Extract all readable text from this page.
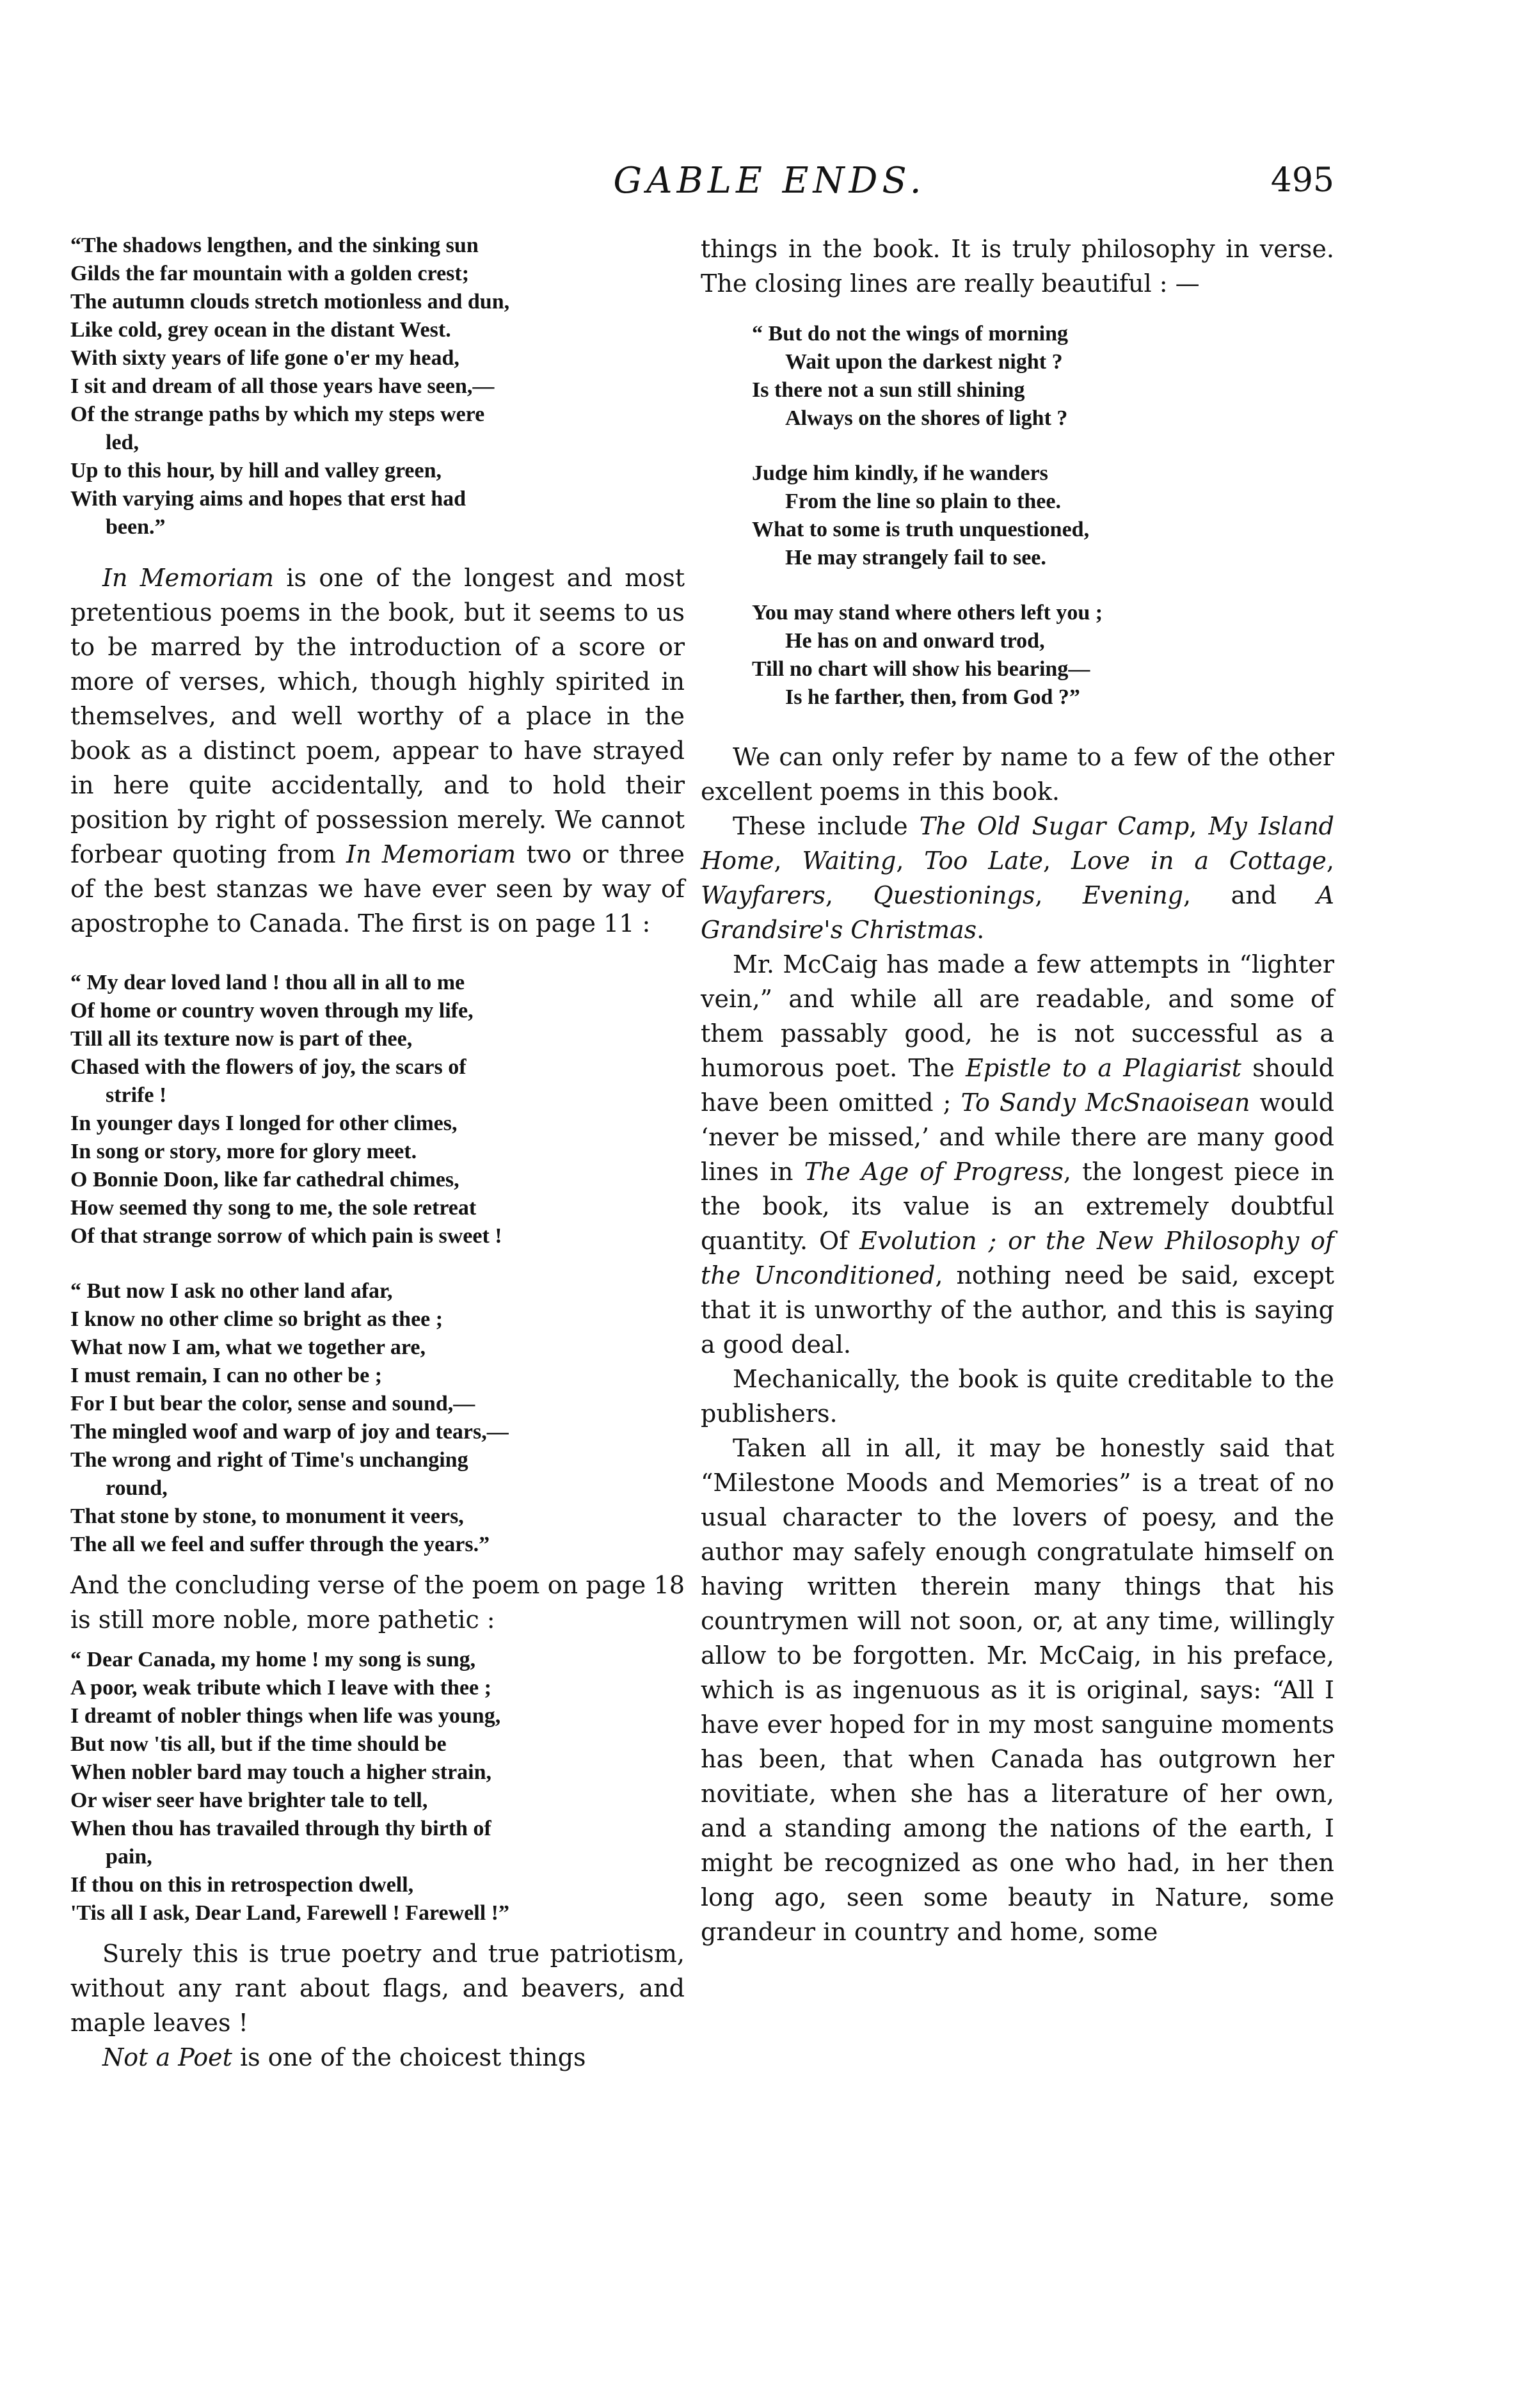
GABLE ENDS.	495
“The shadows lengthen, and the sinking sun
Gilds the far mountain with a golden crest;
The autumn clouds stretch motionless and dun,
Like cold, grey ocean in the distant West.
With sixty years of life gone o'er my head,
I sit and dream of all those years have seen,—
Of the strange paths by which my steps were
led,
Up to this hour, by hill and valley green,
With varying aims and hopes that erst had
been.”

In Memoriam is one of the longest and most pretentious poems in the book, but it seems to us to be marred by the introduction of a score or more of verses, which, though highly spirited in themselves, and well worthy of a place in the book as a distinct poem, appear to have strayed in here quite accidentally, and to hold their position by right of possession merely. We cannot forbear quoting from In Memoriam two or three of the best stanzas we have ever seen by way of apostrophe to Canada. The first is on page 11 :

“ My dear loved land ! thou all in all to me
Of home or country woven through my life,
Till all its texture now is part of thee,
Chased with the flowers of joy, the scars of
strife !
In younger days I longed for other climes,
In song or story, more for glory meet.
O Bonnie Doon, like far cathedral chimes,
How seemed thy song to me, the sole retreat
Of that strange sorrow of which pain is sweet !
“ But now I ask no other land afar,
I know no other clime so bright as thee ;
What now I am, what we together are,
I must remain, I can no other be ;
For I but bear the color, sense and sound,—
The mingled woof and warp of joy and tears,—
The wrong and right of Time's unchanging
round,
That stone by stone, to monument it veers,
The all we feel and suffer through the years.”

And the concluding verse of the poem on page 18 is still more noble, more pathetic :

“ Dear Canada, my home ! my song is sung,
A poor, weak tribute which I leave with thee ;
I dreamt of nobler things when life was young,
But now 'tis all, but if the time should be
When nobler bard may touch a higher strain,
Or wiser seer have brighter tale to tell,
When thou has travailed through thy birth of
pain,
If thou on this in retrospection dwell,
'Tis all I ask, Dear Land, Farewell ! Farewell !”

Surely this is true poetry and true patriotism, without any rant about flags, and beavers, and maple leaves !

Not a Poet is one of the choicest things

things in the book. It is truly philosophy in verse. The closing lines are really beautiful : —

“ But do not the wings of morning
Wait upon the darkest night ?
Is there not a sun still shining
Always on the shores of light ?
Judge him kindly, if he wanders
From the line so plain to thee.
What to some is truth unquestioned,
He may strangely fail to see.
You may stand where others left you ;
He has on and onward trod,
Till no chart will show his bearing—
Is he farther, then, from God ?”

We can only refer by name to a few of the other excellent poems in this book.

These include The Old Sugar Camp, My Island Home, Waiting, Too Late, Love in a Cottage, Wayfarers, Questionings, Evening, and A Grandsire's Christmas.

Mr. McCaig has made a few attempts in “lighter vein,” and while all are readable, and some of them passably good, he is not successful as a humorous poet. The Epistle to a Plagiarist should have been omitted ; To Sandy McSnaoisean would ‘never be missed,’ and while there are many good lines in The Age of Progress, the longest piece in the book, its value is an extremely doubtful quantity. Of Evolution ; or the New Philosophy of the Unconditioned, nothing need be said, except that it is unworthy of the author, and this is saying a good deal.

Mechanically, the book is quite creditable to the publishers.

Taken all in all, it may be honestly said that “Milestone Moods and Memories” is a treat of no usual character to the lovers of poesy, and the author may safely enough congratulate himself on having written therein many things that his countrymen will not soon, or, at any time, willingly allow to be forgotten. Mr. McCaig, in his preface, which is as ingenuous as it is original, says: “All I have ever hoped for in my most sanguine moments has been, that when Canada has outgrown her novitiate, when she has a literature of her own, and a standing among the nations of the earth, I might be recognized as one who had, in her then long ago, seen some beauty in Nature, some grandeur in country and home, some
